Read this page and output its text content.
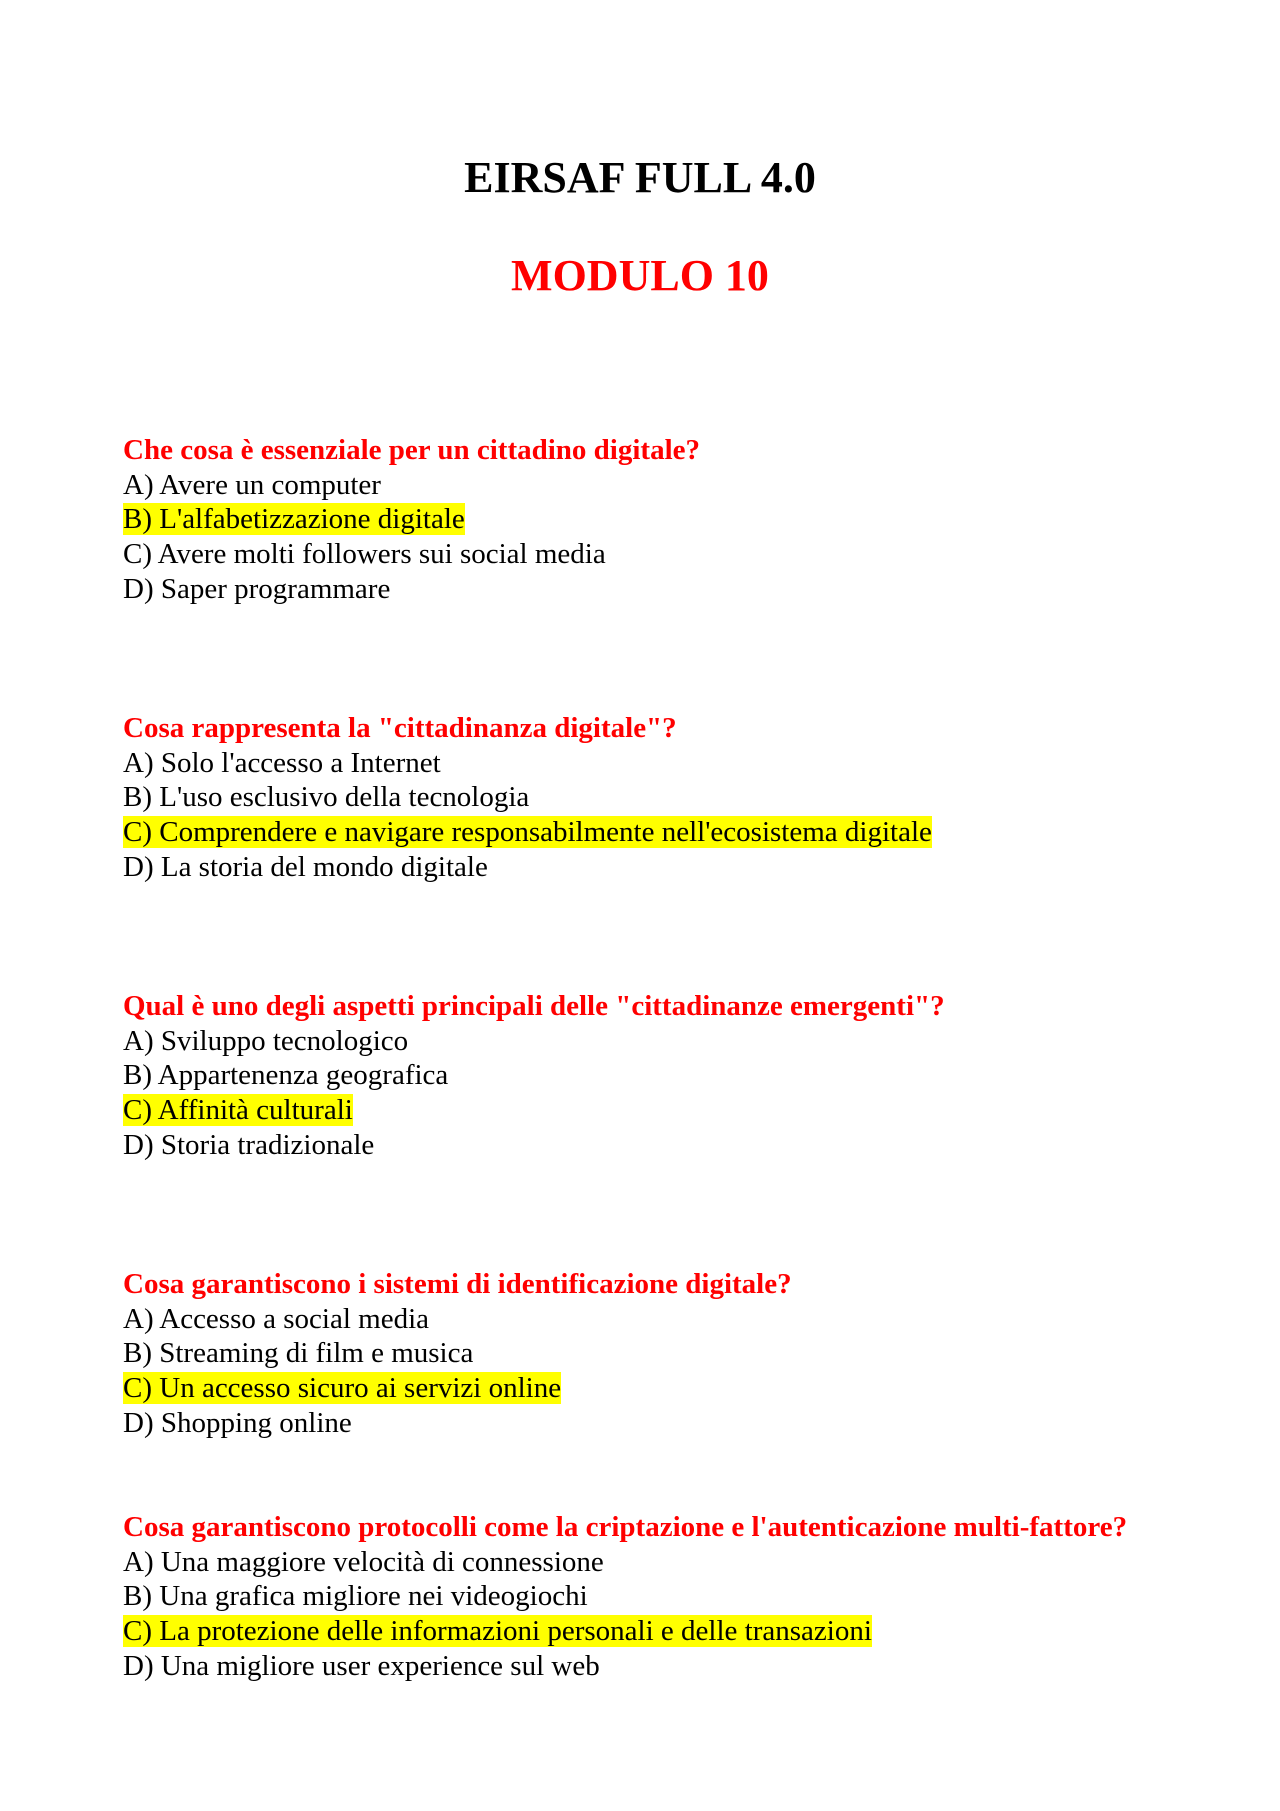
EIRSAF FULL 4.0
MODULO 10
Che cosa è essenziale per un cittadino digitale?
A) Avere un computer
B) L'alfabetizzazione digitale
C) Avere molti followers sui social media
D) Saper programmare
Cosa rappresenta la "cittadinanza digitale"?
A) Solo l'accesso a Internet
B) L'uso esclusivo della tecnologia
C) Comprendere e navigare responsabilmente nell'ecosistema digitale
D) La storia del mondo digitale
Qual è uno degli aspetti principali delle "cittadinanze emergenti"?
A) Sviluppo tecnologico
B) Appartenenza geografica
C) Affinità culturali
D) Storia tradizionale
Cosa garantiscono i sistemi di identificazione digitale?
A) Accesso a social media
B) Streaming di film e musica
C) Un accesso sicuro ai servizi online
D) Shopping online
Cosa garantiscono protocolli come la criptazione e l'autenticazione multi-fattore?
A) Una maggiore velocità di connessione
B) Una grafica migliore nei videogiochi
C) La protezione delle informazioni personali e delle transazioni
D) Una migliore user experience sul web
